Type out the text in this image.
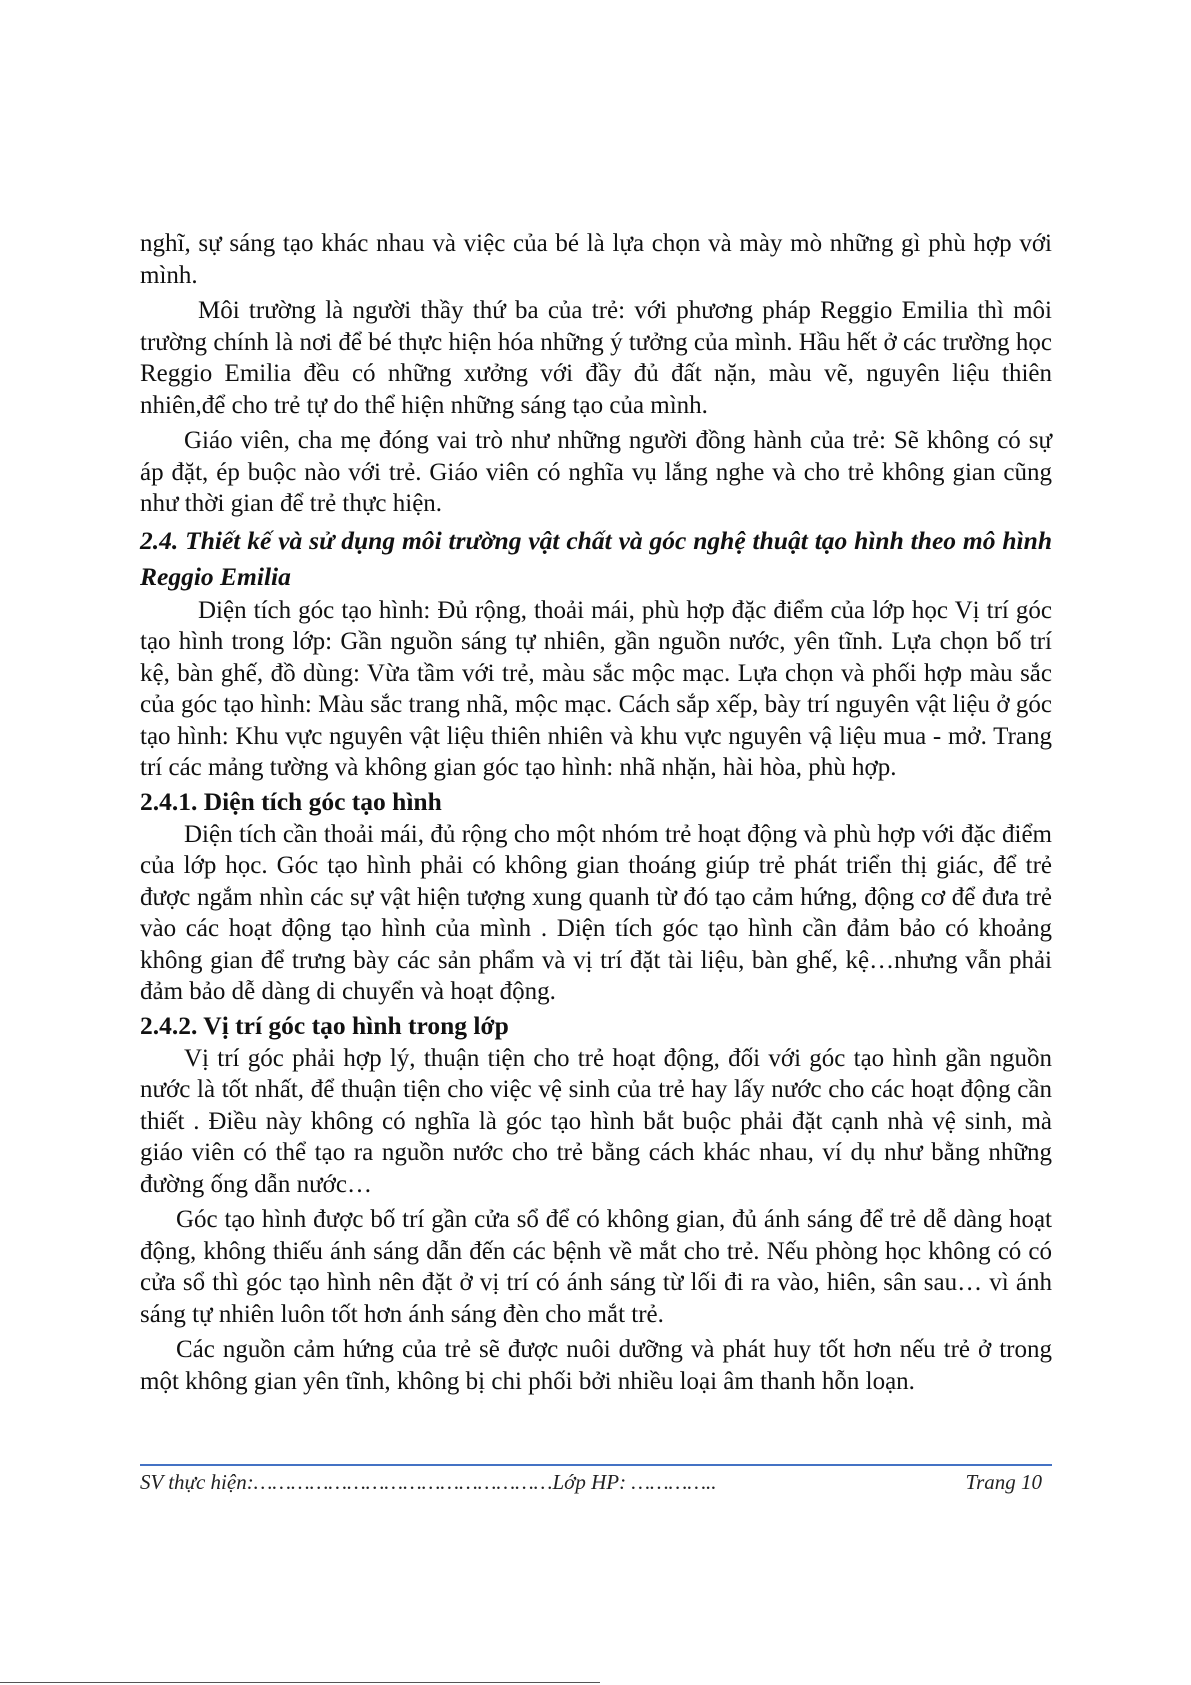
nghĩ, sự sáng tạo khác nhau và việc của bé là lựa chọn và mày mò những gì phù hợp với mình.

Môi trường là người thầy thứ ba của trẻ: với phương pháp Reggio Emilia thì môi trường chính là nơi để bé thực hiện hóa những ý tưởng của mình. Hầu hết ở các trường học Reggio Emilia đều có những xưởng với đầy đủ đất nặn, màu vẽ, nguyên liệu thiên nhiên,để cho trẻ tự do thể hiện những sáng tạo của mình.

Giáo viên, cha mẹ đóng vai trò như những người đồng hành của trẻ: Sẽ không có sự áp đặt, ép buộc nào với trẻ. Giáo viên có nghĩa vụ lắng nghe và cho trẻ không gian cũng như thời gian để trẻ thực hiện.

2.4. Thiết kế và sử dụng môi trường vật chất và góc nghệ thuật tạo hình theo mô hình Reggio Emilia

Diện tích góc tạo hình: Đủ rộng, thoải mái, phù hợp đặc điểm của lớp học Vị trí góc tạo hình trong lớp: Gần nguồn sáng tự nhiên, gần nguồn nước, yên tĩnh. Lựa chọn bố trí kệ, bàn ghế, đồ dùng: Vừa tầm với trẻ, màu sắc mộc mạc. Lựa chọn và phối hợp màu sắc của góc tạo hình: Màu sắc trang nhã, mộc mạc. Cách sắp xếp, bày trí nguyên vật liệu ở góc tạo hình: Khu vực nguyên vật liệu thiên nhiên và khu vực nguyên vậ liệu mua - mở. Trang trí các mảng tường và không gian góc tạo hình: nhã nhặn, hài hòa, phù hợp.

2.4.1. Diện tích góc tạo hình

Diện tích cần thoải mái, đủ rộng cho một nhóm trẻ hoạt động và phù hợp với đặc điểm của lớp học. Góc tạo hình phải có không gian thoáng giúp trẻ phát triển thị giác, để trẻ được ngắm nhìn các sự vật hiện tượng xung quanh từ đó tạo cảm hứng, động cơ để đưa trẻ vào các hoạt động tạo hình của mình . Diện tích góc tạo hình cần đảm bảo có khoảng không gian để trưng bày các sản phẩm và vị trí đặt tài liệu, bàn ghế, kệ…nhưng vẫn phải đảm bảo dễ dàng di chuyển và hoạt động.

2.4.2. Vị trí góc tạo hình trong lớp

Vị trí góc phải hợp lý, thuận tiện cho trẻ hoạt động, đối với góc tạo hình gần nguồn nước là tốt nhất, để thuận tiện cho việc vệ sinh của trẻ hay lấy nước cho các hoạt động cần thiết . Điều này không có nghĩa là góc tạo hình bắt buộc phải đặt cạnh nhà vệ sinh, mà giáo viên có thể tạo ra nguồn nước cho trẻ bằng cách khác nhau, ví dụ như bằng những đường ống dẫn nước…

Góc tạo hình được bố trí gần cửa sổ để có không gian, đủ ánh sáng để trẻ dễ dàng hoạt động, không thiếu ánh sáng dẫn đến các bệnh về mắt cho trẻ. Nếu phòng học không có có cửa sổ thì góc tạo hình nên đặt ở vị trí có ánh sáng từ lối đi ra vào, hiên, sân sau… vì ánh sáng tự nhiên luôn tốt hơn ánh sáng đèn cho mắt trẻ.

Các nguồn cảm hứng của trẻ sẽ được nuôi dưỡng và phát huy tốt hơn nếu trẻ ở trong một không gian yên tĩnh, không bị chi phối bởi nhiều loại âm thanh hỗn loạn.

SV thực hiện:…………………………………………Lớp HP: …………..	Trang 10
